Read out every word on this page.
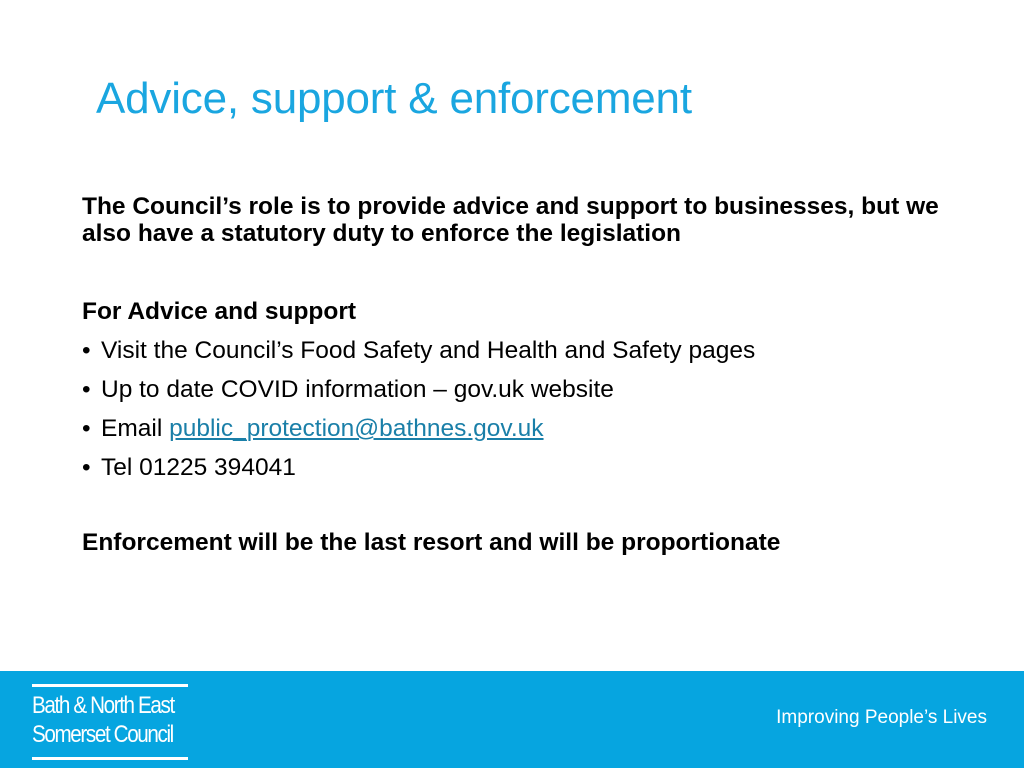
Advice, support & enforcement

The Council’s role is to provide advice and support to businesses, but we also have a statutory duty to enforce the legislation

For Advice and support

• Visit the Council’s Food Safety and Health and Safety pages
• Up to date COVID information – gov.uk website
• Email public_protection@bathnes.gov.uk
• Tel 01225 394041

Enforcement will be the last resort and will be proportionate

Bath & North East
Somerset Council
Improving People’s Lives
